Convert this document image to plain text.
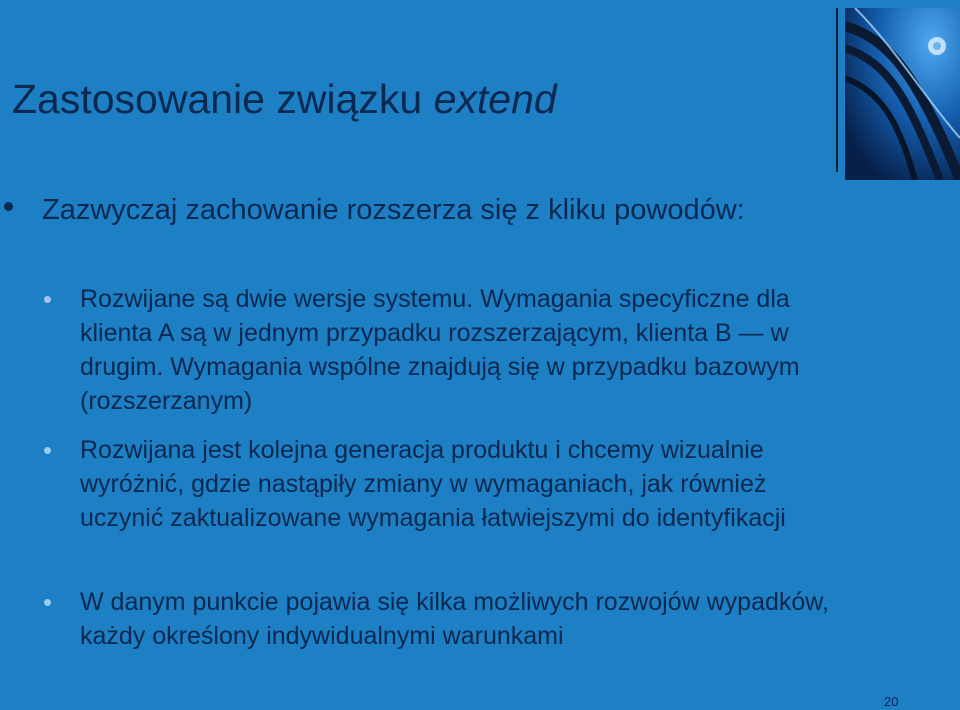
Zastosowanie związku extend
Zazwyczaj zachowanie rozszerza się z kliku powodów:
Rozwijane są dwie wersje systemu. Wymagania specyficzne dla klienta A są w jednym przypadku rozszerzającym, klienta B — w drugim. Wymagania wspólne znajdują się w przypadku bazowym (rozszerzanym)
Rozwijana jest kolejna generacja produktu i chcemy wizualnie wyróżnić, gdzie nastąpiły zmiany w wymaganiach, jak również uczynić zaktualizowane wymagania łatwiejszymi do identyfikacji
W danym punkcie pojawia się kilka możliwych rozwojów wypadków, każdy określony indywidualnymi warunkami
20
